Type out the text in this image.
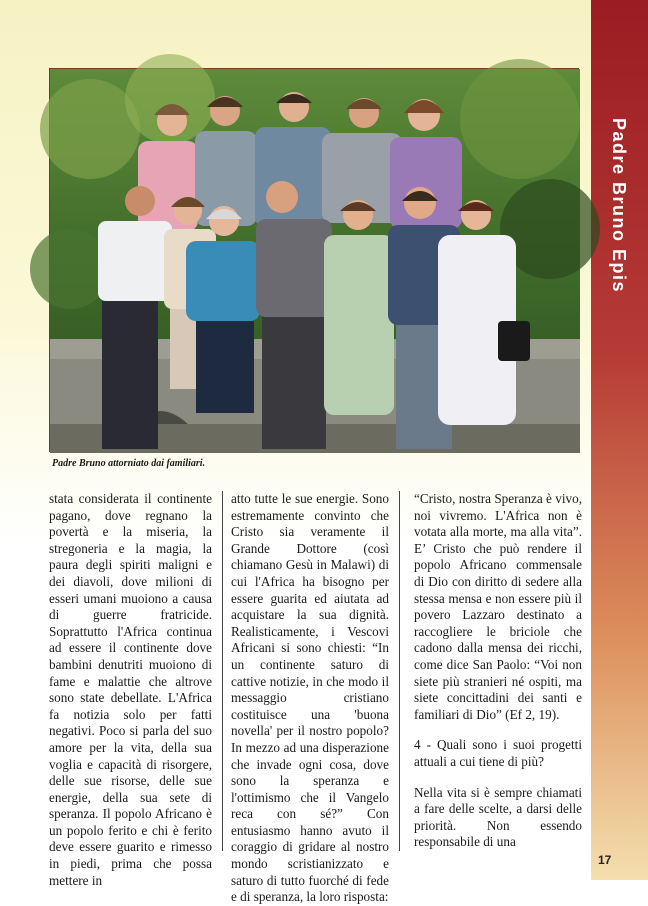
Padre Bruno Epis
17
Padre Bruno attorniato dai familiari.

stata considerata il continente pagano, dove regnano la povertà e la miseria, la stregoneria e la magia, la paura degli spiriti maligni e dei diavoli, dove milioni di esseri umani muoiono a causa di guerre fratricide. Soprattutto l'Africa continua ad essere il continente dove bambini denutriti muoiono di fame e malattie che altrove sono state debellate. L'Africa fa notizia solo per fatti negativi. Poco si parla del suo amore per la vita, della sua voglia e capacità di risorgere, delle sue risorse, delle sue energie, della sua sete di speranza. Il popolo Africano è un popolo ferito e chi è ferito deve essere guarito e rimesso in piedi, prima che possa mettere in

atto tutte le sue energie. Sono estremamente convinto che Cristo sia veramente il Grande Dottore (così chiamano Gesù in Malawi) di cui l'Africa ha bisogno per essere guarita ed aiutata ad acquistare la sua dignità. Realisticamente, i Vescovi Africani si sono chiesti: “In un continente saturo di cattive notizie, in che modo il messaggio cristiano costituisce una 'buona novella' per il nostro popolo? In mezzo ad una disperazione che invade ogni cosa, dove sono la speranza e l'ottimismo che il Vangelo reca con sé?” Con entusiasmo hanno avuto il coraggio di gridare al nostro mondo scristianizzato e saturo di tutto fuorché di fede e di speranza, la loro risposta:

“Cristo, nostra Speranza è vivo, noi vivremo. L'Africa non è votata alla morte, ma alla vita”. E’ Cristo che può rendere il popolo Africano commensale di Dio con diritto di sedere alla stessa mensa e non essere più il povero Lazzaro destinato a raccogliere le briciole che cadono dalla mensa dei ricchi, come dice San Paolo: “Voi non siete più stranieri né ospiti, ma siete concittadini dei santi e familiari di Dio” (Ef 2, 19).

4 - Quali sono i suoi progetti attuali a cui tiene di più?

Nella vita si è sempre chiamati a fare delle scelte, a darsi delle priorità. Non essendo responsabile di una
